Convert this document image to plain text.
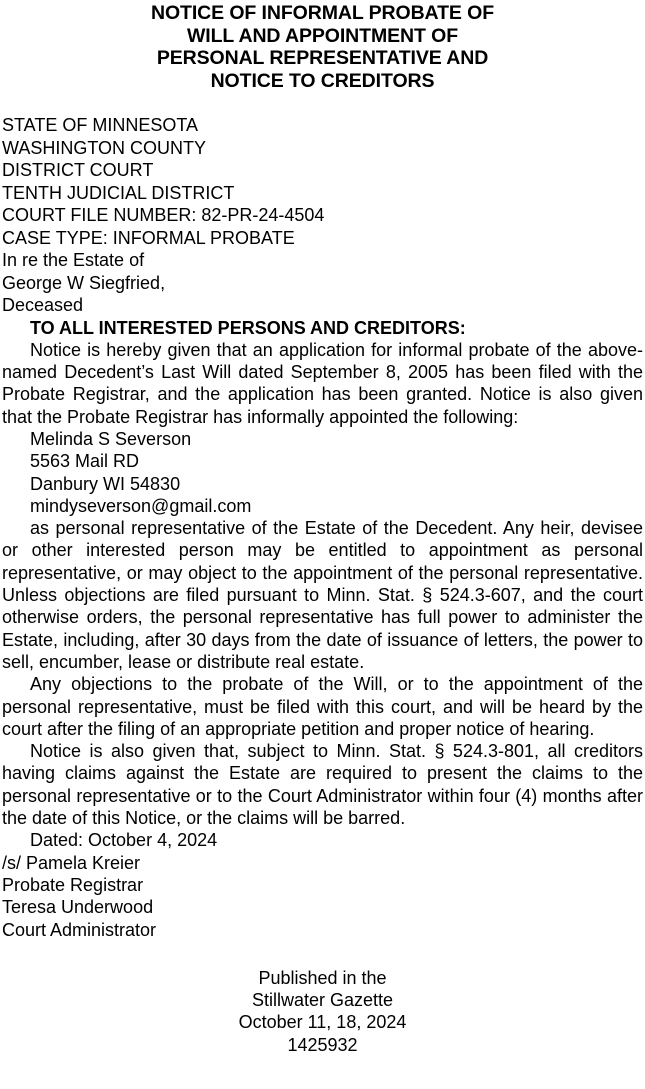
NOTICE OF INFORMAL PROBATE OF
WILL AND APPOINTMENT OF
PERSONAL REPRESENTATIVE AND
NOTICE TO CREDITORS
STATE OF MINNESOTA
WASHINGTON COUNTY
DISTRICT COURT
TENTH JUDICIAL DISTRICT
COURT FILE NUMBER: 82-PR-24-4504
CASE TYPE: INFORMAL PROBATE
In re the Estate of
George W Siegfried,
Deceased

TO ALL INTERESTED PERSONS AND CREDITORS:

Notice is hereby given that an application for informal probate of the above-named Decedent’s Last Will dated September 8, 2005 has been filed with the Probate Registrar, and the application has been granted. Notice is also given that the Probate Registrar has informally appointed the following:

Melinda S Severson
5563 Mail RD
Danbury WI 54830
mindyseverson@gmail.com

as personal representative of the Estate of the Decedent. Any heir, devisee or other interested person may be entitled to appointment as personal representative, or may object to the appointment of the personal representative. Unless objections are filed pursuant to Minn. Stat. § 524.3-607, and the court otherwise orders, the personal representative has full power to administer the Estate, including, after 30 days from the date of issuance of letters, the power to sell, encumber, lease or distribute real estate.

Any objections to the probate of the Will, or to the appointment of the personal representative, must be filed with this court, and will be heard by the court after the filing of an appropriate petition and proper notice of hearing.

Notice is also given that, subject to Minn. Stat. § 524.3-801, all creditors having claims against the Estate are required to present the claims to the personal representative or to the Court Administrator within four (4) months after the date of this Notice, or the claims will be barred.

Dated: October 4, 2024

/s/ Pamela Kreier
Probate Registrar
Teresa Underwood
Court Administrator
Published in the
Stillwater Gazette
October 11, 18, 2024
1425932
